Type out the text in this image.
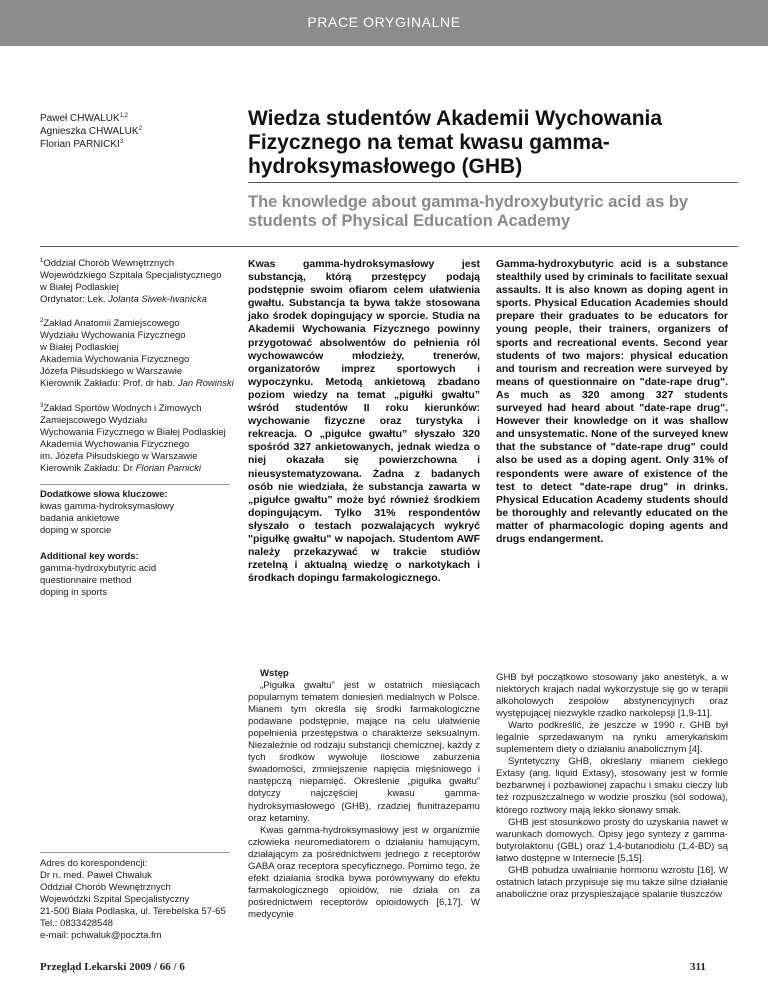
PRACE ORYGINALNE
Paweł CHWALUK$^{1,2}$
Agnieszka CHWALUK$^2$
Florian PARNICKI$^3$
Wiedza studentów Akademii Wychowania Fizycznego na temat kwasu gamma-hydroksymasłowego (GHB)
The knowledge about gamma-hydroxybutyric acid as by students of Physical Education Academy
$^1$Oddział Chorób Wewnętrznych
Wojewódzkiego Szpitala Specjalistycznego
w Białej Podlaskiej
Ordynator: Lek. Jolanta Siwek-Iwanicka
$^2$Zakład Anatomii Zamiejscowego
Wydziału Wychowania Fizycznego
w Białej Podlaskiej
Akademia Wychowania Fizycznego
Józefa Piłsudskiego w Warszawie
Kierownik Zakładu: Prof. dr hab. Jan Rowiński
$^3$Zakład Sportów Wodnych i Zimowych
Zamiejscowego Wydziału
Wychowania Fizycznego w Białej Podlaskiej
Akademia Wychowania Fizycznego
im. Józefa Piłsudskiego w Warszawie
Kierownik Zakładu: Dr Florian Parnicki
Dodatkowe słowa kluczowe:
kwas gamma-hydroksymasłowy
badania ankietowe
doping w sporcie
Additional key words:
gamma-hydroxybutyric acid
questionnaire method
doping in sports
Adres do korespondencji:
Dr n. med. Paweł Chwaluk
Oddział Chorób Wewnętrznych
Wojewódzki Szpital Specjalistyczny
21-500 Biała Podlaska, ul. Terebelska 57-65
Tel.: 0833428548
e-mail: pchwaluk@poczta.fm
Kwas gamma-hydroksymasłowy jest substancją, którą przestępcy podają podstępnie swoim ofiarom celem ułatwienia gwałtu. Substancja ta bywa także stosowana jako środek dopingujący w sporcie. Studia na Akademii Wychowania Fizycznego powinny przygotować absolwentów do pełnienia ról wychowawców młodzieży, trenerów, organizatorów imprez sportowych i wypoczynku. Metodą ankietową zbadano poziom wiedzy na temat „pigułki gwałtu” wśród studentów II roku kierunków: wychowanie fizyczne oraz turystyka i rekreacja. O „pigułce gwałtu” słyszało 320 spośród 327 ankietowanych, jednak wiedza o niej okazała się powierzchowna i nieusystematyzowana. Żadna z badanych osób nie wiedziała, że substancja zawarta w „pigułce gwałtu” może być również środkiem dopingującym. Tylko 31% respondentów słyszało o testach pozwalających wykryć "pigułkę gwałtu" w napojach. Studentom AWF należy przekazywać w trakcie studiów rzetelną i aktualną wiedzę o narkotykach i środkach dopingu farmakologicznego.
Gamma-hydroxybutyric acid is a substance stealthily used by criminals to facilitate sexual assaults. It is also known as doping agent in sports. Physical Education Academies should prepare their graduates to be educators for young people, their trainers, organizers of sports and recreational events. Second year students of two majors: physical education and tourism and recreation were surveyed by means of questionnaire on "date-rape drug". As much as 320 among 327 students surveyed had heard about "date-rape drug". However their knowledge on it was shallow and unsystematic. None of the surveyed knew that the substance of "date-rape drug" could also be used as a doping agent. Only 31% of respondents were aware of existence of the test to detect "date-rape drug" in drinks. Physical Education Academy students should be thoroughly and relevantly educated on the matter of pharmacologic doping agents and drugs endangerment.

Wstęp

„Pigułka gwałtu” jest w ostatnich miesiącach popularnym tematem doniesień medialnych w Polsce. Mianem tym określa się środki farmakologiczne podawane podstępnie, mające na celu ułatwienie popełnienia przestępstwa o charakterze seksualnym. Niezależnie od rodzaju substancji chemicznej, każdy z tych środków wywołuje ilościowe zaburzenia świadomości, zmniejszenie napięcia mięśniowego i następczą niepamięć. Określenie „pigułka gwałtu” dotyczy najczęściej kwasu gamma-hydroksymasłowego (GHB), rzadziej flunitrazepamu oraz ketaminy.

Kwas gamma-hydroksymasłowy jest w organizmie człowieka neuromediatorem o działaniu hamującym, działającym za pośrednictwem jednego z receptorów GABA oraz receptora specyficznego. Pomimo tego, że efekt działania środka bywa porównywany do efektu farmakologicznego opioidów, nie działa on za pośrednictwem receptorów opioidowych [6,17]. W medycynie

GHB był początkowo stosowany jako anestetyk, a w niektórych krajach nadal wykorzystuje się go w terapii alkoholowych zespołów abstynencyjnych oraz występującej niezwykle rzadko narkolepsji [1,9-11].

Warto podkreślić, że jeszcze w 1990 r. GHB był legalnie sprzedawanym na rynku amerykańskim suplementem diety o działaniu anabolicznym [4].

Syntetyczny GHB, określany mianem ciekłego Extasy (ang. liquid Extasy), stosowany jest w formie bezbarwnej i pozbawionej zapachu i smaku cieczy lub też rozpuszczalnego w wodzie proszku (sól sodowa), którego roztwory mają lekko słonawy smak.

GHB jest stosunkowo prosty do uzyskania nawet w warunkach domowych. Opisy jego syntezy z gamma-butyrolaktonu (GBL) oraz 1,4-butanodiolu (1,4-BD) są łatwo dostępne w Internecie [5,15].

GHB pobudza uwalnianie hormonu wzrostu [16]. W ostatnich latach przypisuje się mu także silne działanie anaboliczne oraz przyspieszające spalanie tłuszczów

Przegląd Lekarski 2009 / 66 / 6	311
